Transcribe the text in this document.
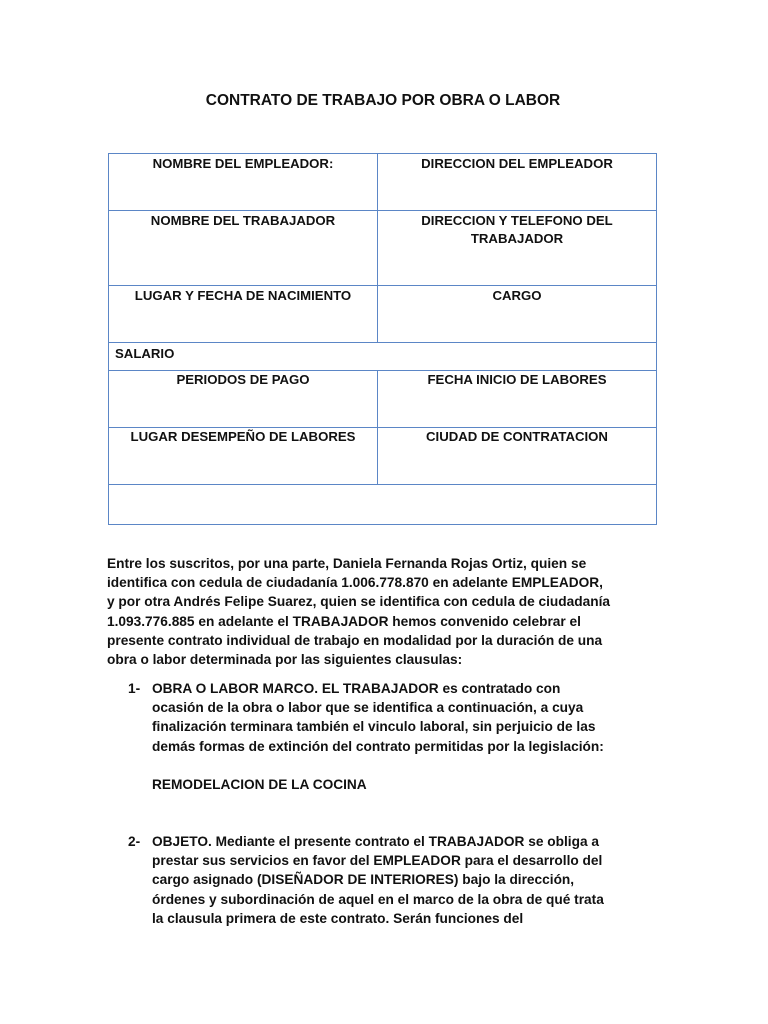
CONTRATO DE TRABAJO POR OBRA O LABOR
NOMBRE DEL EMPLEADOR:	DIRECCION DEL EMPLEADOR

NOMBRE DEL TRABAJADOR	DIRECCION Y TELEFONO DEL
TRABAJADOR

LUGAR Y FECHA DE NACIMIENTO	CARGO

SALARIO	

PERIODOS DE PAGO	FECHA INICIO DE LABORES

LUGAR DESEMPEÑO DE LABORES	CIUDAD DE CONTRATACION

Entre los suscritos, por una parte, Daniela Fernanda Rojas Ortiz, quien se

identifica con cedula de ciudadanía 1.006.778.870 en adelante EMPLEADOR,

y por otra Andrés Felipe Suarez, quien se identifica con cedula de ciudadanía

1.093.776.885 en adelante el TRABAJADOR hemos convenido celebrar el

presente contrato individual de trabajo en modalidad por la duración de una

obra o labor determinada por las siguientes clausulas:

1- OBRA O LABOR MARCO. EL TRABAJADOR es contratado con
ocasión de la obra o labor que se identifica a continuación, a cuya
finalización terminara también el vinculo laboral, sin perjuicio de las
demás formas de extinción del contrato permitidas por la legislación:
REMODELACION DE LA COCINA
2- OBJETO. Mediante el presente contrato el TRABAJADOR se obliga a
prestar sus servicios en favor del EMPLEADOR para el desarrollo del
cargo asignado (DISEÑADOR DE INTERIORES) bajo la dirección,
órdenes y subordinación de aquel en el marco de la obra de qué trata
la clausula primera de este contrato. Serán funciones del
